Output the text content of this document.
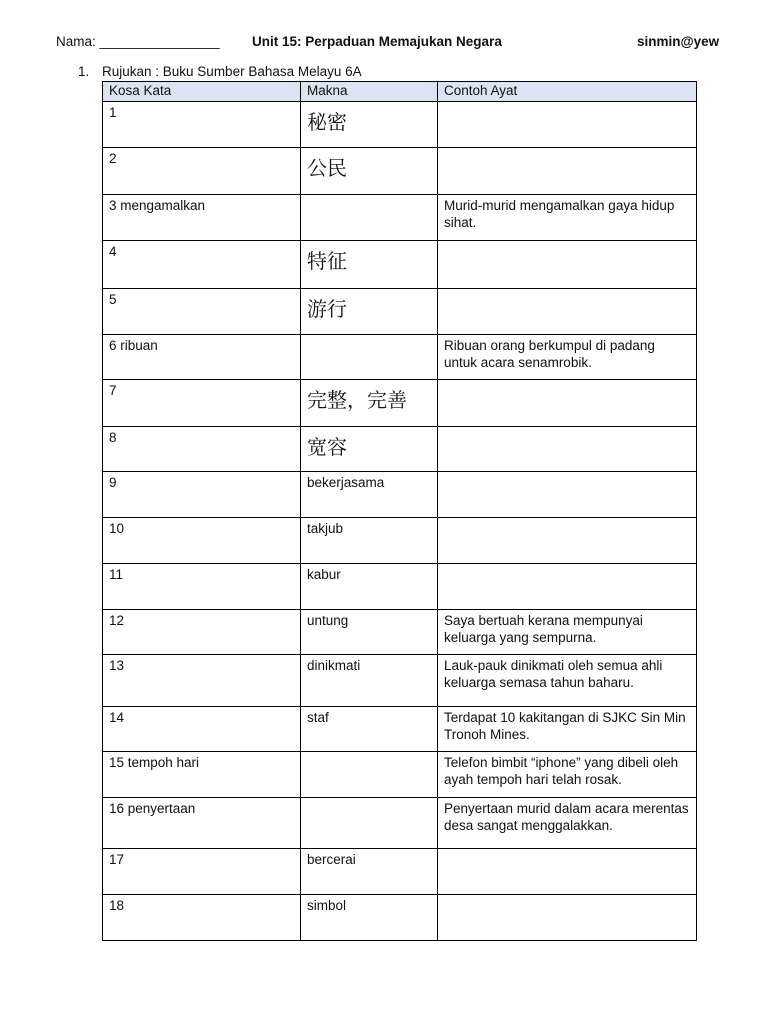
Nama: ________________ Unit 15: Perpaduan Memajukan Negara	sinmin@yew
1. Rujukan : Buku Sumber Bahasa Melayu 6A
Kosa Kata	Makna	Contoh Ayat
1	秘密	
2	公民	
3 mengamalkan		Murid-murid mengamalkan gaya hidup sihat.
4	特征	
5	游行	
6 ribuan		Ribuan orang berkumpul di padang untuk acara senamrobik.
7	完整，完善	
8	宽容	
9	bekerjasama	
10	takjub	
11	kabur	
12	untung	Saya bertuah kerana mempunyai keluarga yang sempurna.
13	dinikmati	Lauk-pauk dinikmati oleh semua ahli keluarga semasa tahun baharu.
14	staf	Terdapat 10 kakitangan di SJKC Sin Min Tronoh Mines.
15 tempoh hari		Telefon bimbit “iphone” yang dibeli oleh ayah tempoh hari telah rosak.
16 penyertaan		Penyertaan murid dalam acara merentas desa sangat menggalakkan.
17	bercerai	
18	simbol	
